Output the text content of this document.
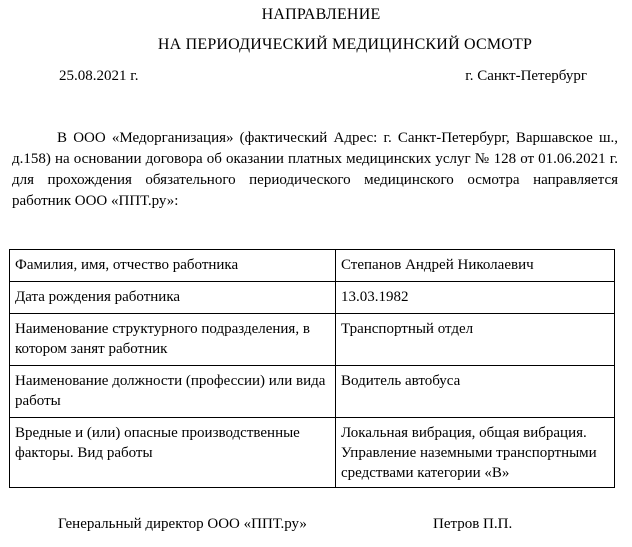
НАПРАВЛЕНИЕ
НА ПЕРИОДИЧЕСКИЙ МЕДИЦИНСКИЙ ОСМОТР
25.08.2021 г.	г. Санкт-Петербург
В ООО «Медорганизация» (фактический Адрес: г. Санкт-Петербург, Варшавское ш., д.158) на основании договора об оказании платных медицинских услуг № 128 от 01.06.2021 г. для прохождения обязательного периодического медицинского осмотра направляется работник ООО «ППТ.ру»:
Фамилия, имя, отчество работника	Степанов Андрей Николаевич
Дата рождения работника	13.03.1982
Наименование структурного подразделения, в котором занят работник	Транспортный отдел
Наименование должности (профессии) или вида работы	Водитель автобуса
Вредные и (или) опасные производственные факторы. Вид работы	Локальная вибрация, общая вибрация. Управление наземными транспортными средствами категории «В»
Генеральный директор ООО «ППТ.ру»	Петров П.П.
